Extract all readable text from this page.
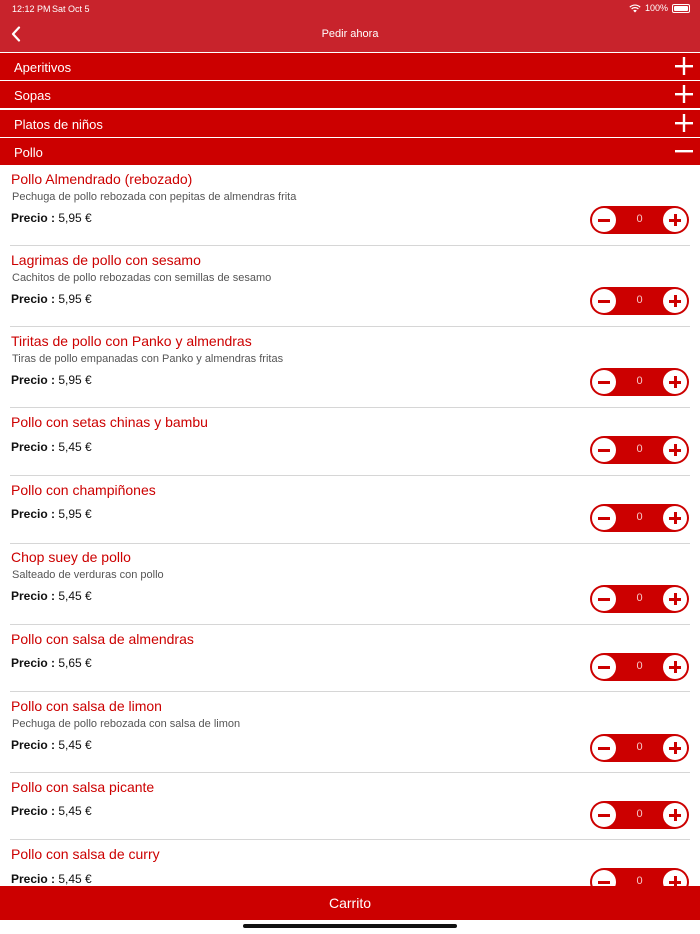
12:12 PM Sat Oct 5	100%
Pedir ahora
Aperitivos
Sopas
Platos de niños
Pollo
Pollo Almendrado (rebozado)
Pechuga de pollo rebozada con pepitas de almendras frita
Precio : 5,95 €	0
Lagrimas de pollo con sesamo
Cachitos de pollo rebozadas con semillas de sesamo
Precio : 5,95 €	0
Tiritas de pollo con Panko y almendras
Tiras de pollo empanadas con Panko y almendras fritas
Precio : 5,95 €	0
Pollo con setas chinas y bambu
Precio : 5,45 €	0
Pollo con champiñones
Precio : 5,95 €	0
Chop suey de pollo
Salteado de verduras con pollo
Precio : 5,45 €	0
Pollo con salsa de almendras
Precio : 5,65 €	0
Pollo con salsa de limon
Pechuga de pollo rebozada con salsa de limon
Precio : 5,45 €	0
Pollo con salsa picante
Precio : 5,45 €	0
Pollo con salsa de curry
Precio : 5,45 €	0
Carrito
